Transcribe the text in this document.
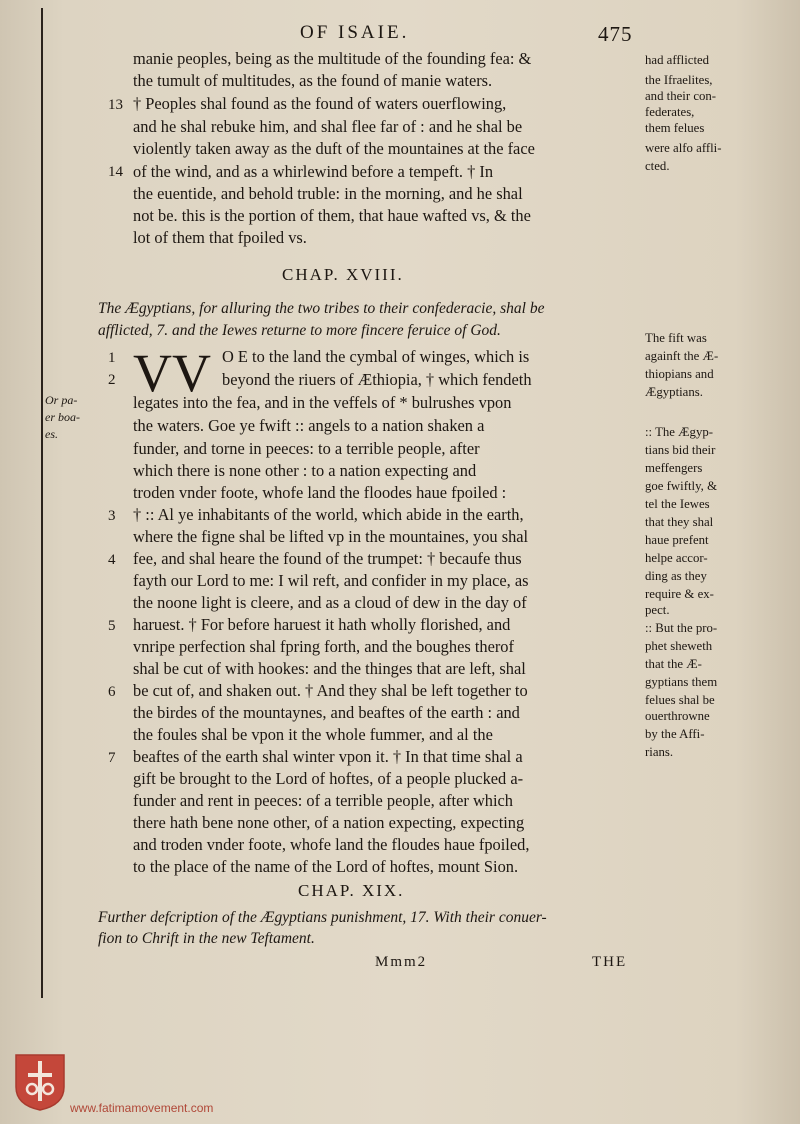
OF ISAIE.	475
manie peoples, being as the multitude of the founding fea: &
the tumult of multitudes, as the found of manie waters.
† Peoples shal found as the found of waters ouerflowing,
and he shal rebuke him, and shal flee far of : and he shal be
violently taken away as the duft of the mountaines at the face
of the wind, and as a whirlewind before a tempeft. † In
the euentide, and behold truble: in the morning, and he shal
not be. this is the portion of them, that haue wafted vs, & the
lot of them that fpoiled vs.
13
14
had afflicted
the Ifraelites,
and their con-
federates,
them felues
were alfo affli-
cted.
CHAP. XVIII.
The Ægyptians, for alluring the two tribes to their confederacie, shal be
afflicted, 7. and the Iewes returne to more fincere feruice of God.
VV O E to the land the cymbal of winges, which is
beyond the riuers of Æthiopia, † which fendeth
legates into the fea, and in the veffels of * bulrushes vpon
the waters. Goe ye fwift :: angels to a nation shaken a
funder, and torne in peeces: to a terrible people, after
which there is none other : to a nation expecting and
troden vnder foote, whofe land the floodes haue fpoiled :
† :: Al ye inhabitants of the world, which abide in the earth,
where the figne shal be lifted vp in the mountaines, you shal
fee, and shal heare the found of the trumpet: † becaufe thus
fayth our Lord to me: I wil reft, and confider in my place, as
the noone light is cleere, and as a cloud of dew in the day of
haruest. † For before haruest it hath wholly florished, and
vnripe perfection shal fpring forth, and the boughes therof
shal be cut of with hookes: and the thinges that are left, shal
be cut of, and shaken out. † And they shal be left together to
the birdes of the mountaynes, and beaftes of the earth : and
the foules shal be vpon it the whole fummer, and al the
beaftes of the earth shal winter vpon it. † In that time shal a
gift be brought to the Lord of hoftes, of a people plucked a-
funder and rent in peeces: of a terrible people, after which
there hath bene none other, of a nation expecting, expecting
and troden vnder foote, whofe land the floudes haue fpoiled,
to the place of the name of the Lord of hoftes, mount Sion.
1
2
3
4
5
6
7
Or pa-
er boa-
es.
The fift was
againft the Æ-
thiopians and
Ægyptians.
:: The Ægyp-
tians bid their
meffengers
goe fwiftly, &
tel the Iewes
that they shal
haue prefent
helpe accor-
ding as they
require & ex-
pect.
:: But the pro-
phet sheweth
that the Æ-
gyptians them
felues shal be
ouerthrowne
by the Affi-
rians.
CHAP. XIX.
Further defcription of the Ægyptians punishment, 17. With their conuer-
fion to Chrift in the new Teftament.
Mmm2	THE
www.fatimamovement.com
